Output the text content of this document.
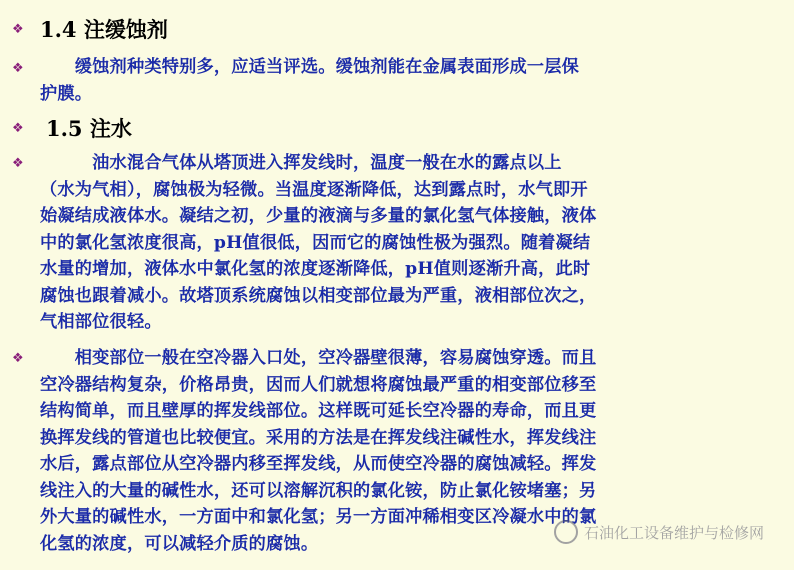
❖ 1.4 注缓蚀剂
❖ 　　缓蚀剂种类特别多，应适当评选。缓蚀剂能在金属表面形成一层保
护膜。

❖ 1.5 注水
❖ 　　　油水混合气体从塔顶进入挥发线时，温度一般在水的露点以上
（水为气相），腐蚀极为轻微。当温度逐渐降低，达到露点时，水气即开
始凝结成液体水。凝结之初，少量的液滴与多量的氯化氢气体接触，液体
中的氯化氢浓度很高，pH值很低，因而它的腐蚀性极为强烈。随着凝结
水量的增加，液体水中氯化氢的浓度逐渐降低，pH值则逐渐升高，此时
腐蚀也跟着减小。故塔顶系统腐蚀以相变部位最为严重，液相部位次之，
气相部位很轻。

❖ 　　相变部位一般在空冷器入口处，空冷器壁很薄，容易腐蚀穿透。而且
空冷器结构复杂，价格昂贵，因而人们就想将腐蚀最严重的相变部位移至
结构简单，而且壁厚的挥发线部位。这样既可延长空冷器的寿命，而且更
换挥发线的管道也比较便宜。采用的方法是在挥发线注碱性水，挥发线注
水后，露点部位从空冷器内移至挥发线，从而使空冷器的腐蚀减轻。挥发
线注入的大量的碱性水，还可以溶解沉积的氯化铵，防止氯化铵堵塞；另
外大量的碱性水，一方面中和氯化氢；另一方面冲稀相变区冷凝水中的氯
化氢的浓度，可以减轻介质的腐蚀。

石油化工设备维护与检修网
